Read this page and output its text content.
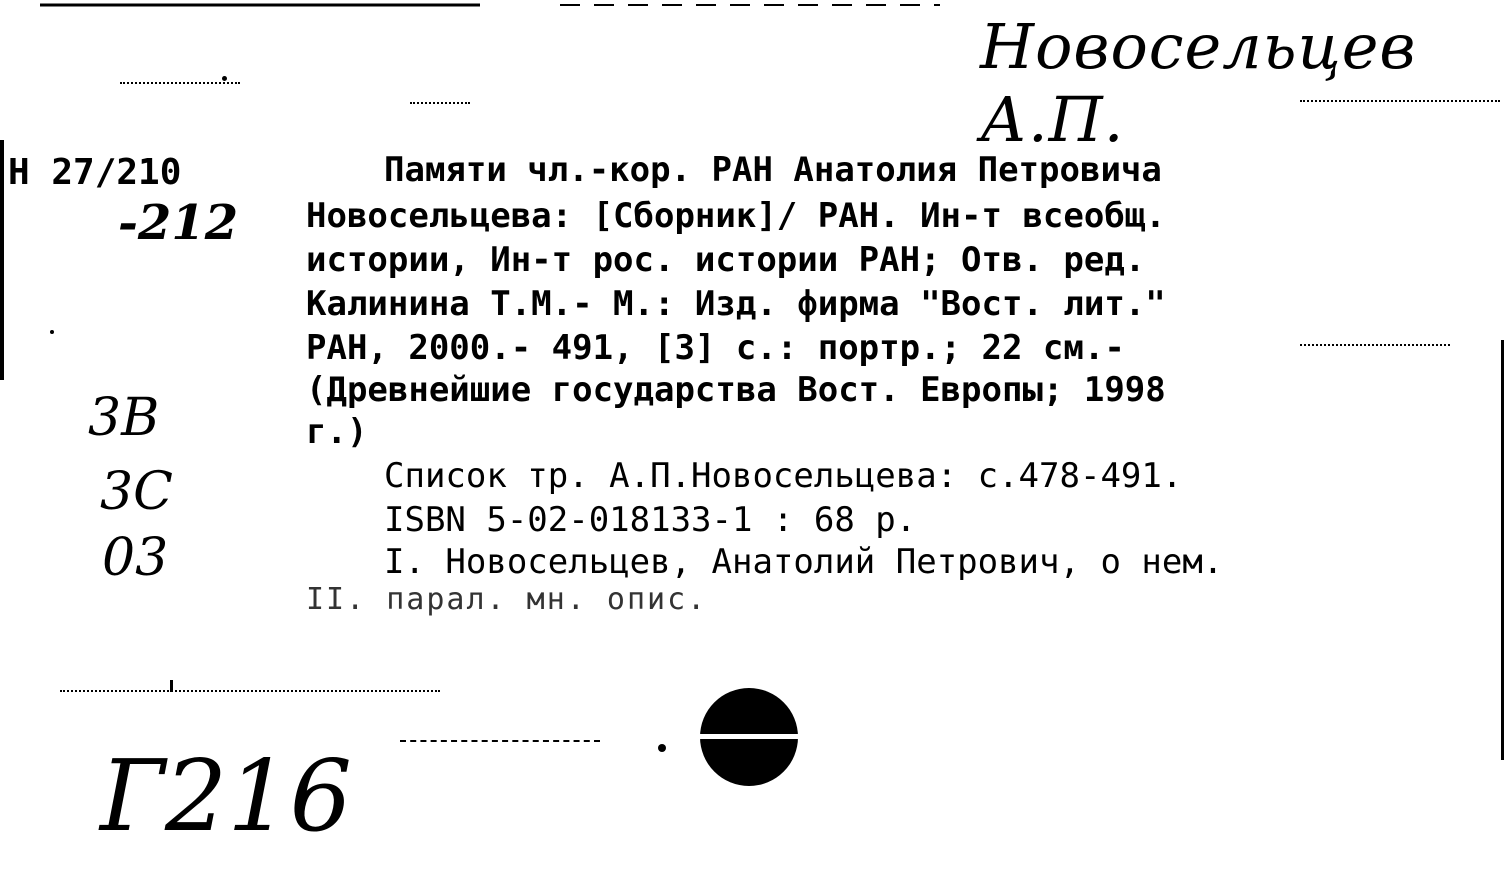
Новосельцев А.П.
H 27/210
-212
3В
3С
03
Г216
Памяти чл.-кор. РАН Анатолия Петровича
Новосельцева: [Сборник]/ РАН. Ин-т всеобщ.
истории, Ин-т рос. истории РАН; Отв. ред.
Калинина Т.М.- М.: Изд. фирма "Вост. лит."
РАН, 2000.- 491, [3] с.: портр.; 22 см.-
(Древнейшие государства Вост. Европы; 1998
г.)
Список тр. А.П.Новосельцева: с.478-491.
ISBN 5-02-018133-1 : 68 р.
I. Новосельцев, Анатолий Петрович, о нем.
II. парал. мн. опис.
